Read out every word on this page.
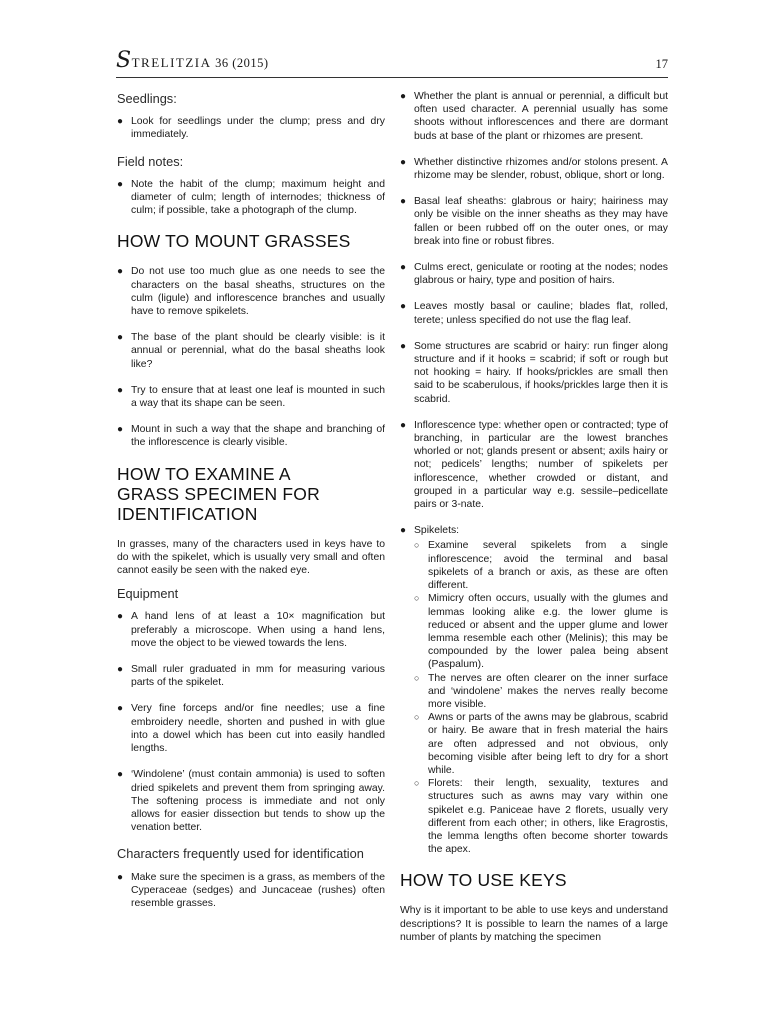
STRELITZIA 36 (2015)	17
Seedlings:
● Look for seedlings under the clump; press and dry immediately.
Field notes:
● Note the habit of the clump; maximum height and diameter of culm; length of internodes; thickness of culm; if possible, take a photograph of the clump.
HOW TO MOUNT GRASSES
● Do not use too much glue as one needs to see the characters on the basal sheaths, structures on the culm (ligule) and inflorescence branches and usually have to remove spikelets.
● The base of the plant should be clearly visible: is it annual or perennial, what do the basal sheaths look like?
● Try to ensure that at least one leaf is mounted in such a way that its shape can be seen.
● Mount in such a way that the shape and branching of the inflorescence is clearly visible.
HOW TO EXAMINE A
GRASS SPECIMEN FOR
IDENTIFICATION
In grasses, many of the characters used in keys have to do with the spikelet, which is usually very small and often cannot easily be seen with the naked eye.
Equipment
● A hand lens of at least a 10× magnification but preferably a microscope. When using a hand lens, move the object to be viewed towards the lens.
● Small ruler graduated in mm for measuring various parts of the spikelet.
● Very fine forceps and/or fine needles; use a fine embroidery needle, shorten and pushed in with glue into a dowel which has been cut into easily handled lengths.
● ‘Windolene’ (must contain ammonia) is used to soften dried spikelets and prevent them from springing away. The softening process is immediate and not only allows for easier dissection but tends to show up the venation better.
Characters frequently used for identification
● Make sure the specimen is a grass, as members of the Cyperaceae (sedges) and Juncaceae (rushes) often resemble grasses.
● Whether the plant is annual or perennial, a difficult but often used character. A perennial usually has some shoots without inflorescences and there are dormant buds at base of the plant or rhizomes are present.
● Whether distinctive rhizomes and/or stolons present. A rhizome may be slender, robust, oblique, short or long.
● Basal leaf sheaths: glabrous or hairy; hairiness may only be visible on the inner sheaths as they may have fallen or been rubbed off on the outer ones, or may break into fine or robust fibres.
● Culms erect, geniculate or rooting at the nodes; nodes glabrous or hairy, type and position of hairs.
● Leaves mostly basal or cauline; blades flat, rolled, terete; unless specified do not use the flag leaf.
● Some structures are scabrid or hairy: run finger along structure and if it hooks = scabrid; if soft or rough but not hooking = hairy. If hooks/prickles are small then said to be scaberulous, if hooks/prickles large then it is scabrid.
● Inflorescence type: whether open or contracted; type of branching, in particular are the lowest branches whorled or not; glands present or absent; axils hairy or not; pedicels’ lengths; number of spikelets per inflorescence, whether crowded or distant, and grouped in a particular way e.g. sessile–pedicellate pairs or 3-nate.
● Spikelets:
○ Examine several spikelets from a single inflorescence; avoid the terminal and basal spikelets of a branch or axis, as these are often different.
○ Mimicry often occurs, usually with the glumes and lemmas looking alike e.g. the lower glume is reduced or absent and the upper glume and lower lemma resemble each other (Melinis); this may be compounded by the lower palea being absent (Paspalum).
○ The nerves are often clearer on the inner surface and ‘windolene’ makes the nerves really become more visible.
○ Awns or parts of the awns may be glabrous, scabrid or hairy. Be aware that in fresh material the hairs are often adpressed and not obvious, only becoming visible after being left to dry for a short while.
○ Florets: their length, sexuality, textures and structures such as awns may vary within one spikelet e.g. Paniceae have 2 florets, usually very different from each other; in others, like Eragrostis, the lemma lengths often become shorter towards the apex.
HOW TO USE KEYS
Why is it important to be able to use keys and understand descriptions? It is possible to learn the names of a large number of plants by matching the specimen
